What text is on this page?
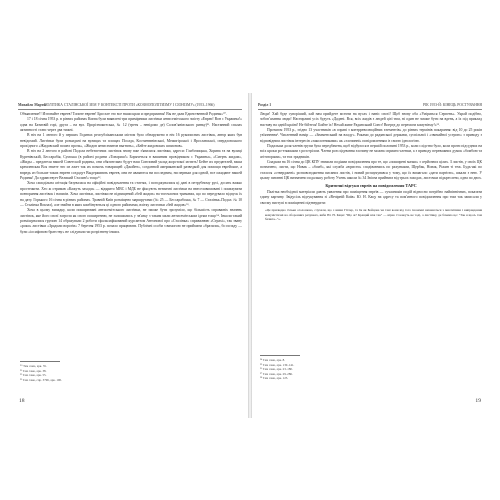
Михайло Марты
ПОЛІТИКА СТАЛІНСЬКОЇ ЗЕМ У КОНТЕКСТІ ПРОТИ «КОЗМОПОЛІТИЗМУ І СІОНІЗМУ» (1953–1966)

Объявление!! Изгоняйте евреев! Топите евреев! Бросьте это все наши краи и предприятия! Вы не дали Единственной Родины»⁵⁰.

17 і 18 січня 1953 р. в різних районах Києва були виявлені три примірники листівки антисемітського змісту «Евреи! Вон с Украины!» одна на Батиєвій горі, друга – на вул. Прорізнокитська, № 12 (третя – невідомо де) Соловʼянівського ринку)⁵¹. Настанний спалах активності ставс через два тижні.

В ніч на 1 лютого й у перших Годинах республіканським містом було обнаружено в ніч 16 рукописних листівок, автор яких був невідомий. Листівки були розкидані на вулицях та площах Посада, Костянтинівської, Межигірської і Ярославської, свердловського прохідного «Жидовский пошел прочь», «Жидов антисемитов выгнать», «Бейте жидовских шпионов».

В ніч на 2 лютого в районі Подола небезпечних листівок знову вже з'явилися листівки, адреси: Глибочицька, Хорива та на вулиці Куренівській, Бессарабія, Сумська (в районі родини «Товариш!» Борячеться в вашиним провідником с Украины», «Смерть жидам», «Жиды – предателя нашей Советской родины, они обязательно будут наш Союзовий уклад жорстокої мстить! Бейте их предателей, ваша кремлевская Вся знаете что из лжет так их помочь товарищей «Джойнт», созданной американской разведкой для помощи еврейские, а впредь из больше таких евреев создадут Выдерживать евреев, они не являются ни последним, ни первым для одной, все ожидают нашей Родины! Да здравствует Великий Сталин!» тощо⁵².

Хоча самодільна агітація базувалася на офіційні повідомлення та статтях, і погоджувалися ці дані в петрубному русі, досить важко простежити. Хто ж отримав «Кажуть заходи» — відкрито МВС і МДБ не фіксують незвичні листівки на ввеселовимовані і помахувати повторяння листівок і написів. Хоча листівки, листівки не підвищений «бей жидов» на тогочасних тримавах, що по передувало відпуск їх на дату. Горького 16 січня в різних районах. Травній Київ розміщено маршрутами (№ 25 — Бессарабська, № 7 — Сталінка–Подол. № 10 — Сталінка Вокзал), але знайти в яких комбінуються ці одного районами, влітку листовки «бей жидов»⁵³.

Хоча в цьому випадку, коли поширювані антисемітського листівки, не зможе бути зрозуміло, що більшість справжніх значень листівок, яке його своєї загрози як свого поширенню, не залишились у зв'язку з таким мали антисемітським ідеям тощо⁵⁴. Інколи такий розміщувалися групою 14 обрахували 2 роботи сфальсифікований курсантом Антонової про «Сталінка» справжнюю «Страхі», так звану «роки» листівки «Зрадили ворогів» 7 березня 1953 р. почало працювати. Публічні особи з вимогою не приймати «бразили», бо позаду — були «іосифовою братству» не слідували чи розрізнену інших.

⁵⁰ Там само, арк. 35.
⁵¹ Там само, арк. 38.
⁵² Там само, арк. 55.
⁵³ Там само, спр. 3796, арк. 100.
18
Розділ 1	РІК 1953-Й: КІНЕЦЬ РОСТУВАННЯ

Люди! Хай буде суворіший, хай нам прийдете мстити на вусах і наніс своєї! Щоб знову оба «Уміряться Серпень». Украй подібно, зобовʼязання люди! Настирливі усіх будуть «Дадені. Вся, всіх жидів з людей цієї тим, ні один не зможе бути на вдень, а їх під приклад наставу на одній країні! Не бійтеся! Бийте їх! Нехай живе Радянський Союз! Вперед до перемоги комунізму!»⁵⁵.

Протягом 1953 р., згідно 13 участників «в справі з контрреволюційних елементів» до різних термінів покарання: від 10 до 25 років ув'язнення³. Численний намір — «Знаменський на владу». Роками до радянської держави, суспільної і «звичайної устрою» з приводу з відповідним листівок інтересів «заколотниками» як «злочинні» повідомленням із своєю ідеологією.

Подальша доля членів групи була передбачена, щоб відбулося в першій половині 1953 р., коли слідство було, коли проти підсудних на всіх кроки ро-зтяжками з розстрілом. Члени розслідування злочину не можна сприяти членам, а з приводу переважних думок «бомбою та агітаторами», та тих зрадників.

Спадком на 16 січня до ЦК КПУ значили подіями повідомлення про те, що «поширені мазки» з серйозних цілих. З листів, у своїх ЦК позначено, листи, що Новак – «бомб», які служба «юристи» сподіваючись по рахунками, Щербак, Новак, Ріжин ті теж. Будь-які по сталося «стверджені» розповсюдження писаних листів, і новий розшукувався у тому, що їх вимагало «дати партією», шкали з нею. У цьому питанні ЦК визначено подальшу роботу Учень школи № 34 Звісна прийнята від трьох заходах, листочки підкреслено, одна по двох.

Критичні відгуки євреїв на повідомлення ТАРС

Палітка необхідної матеріали дають уявлення про поміщення євреїв — сучасників подій відносно потрібно найпівнічних, показати єдину картину. Звідусіль відгукування зі «Вечірній Київ» Ю. Н. Кацу на адресу та пом'ятного повідомлення про тим так записали у своєму виступі в поміщенні підтвердити:

«Це прилюдно тільки оголошено, слухали, що з ними Гітлер, та їм як Бойцова чи такі вони від того іноземні визнаються з мислитими і виправдання комуністичні на оборонних рахунках, якби Ю. Н. Каци: "Що ж? Кращий ніж так" — вірно ті кажуть не тоді, а листівку, де бачимо це: "Так я щось там бачила..."».

⁵⁴ Там само, арк. 8.
⁵⁵ Там само, арк. 130–141.
⁵⁶ Там само, арк. 23–180.
⁵⁷ Там само, арк. 29–286.
⁵⁸ Там само, арк. 123.
19
